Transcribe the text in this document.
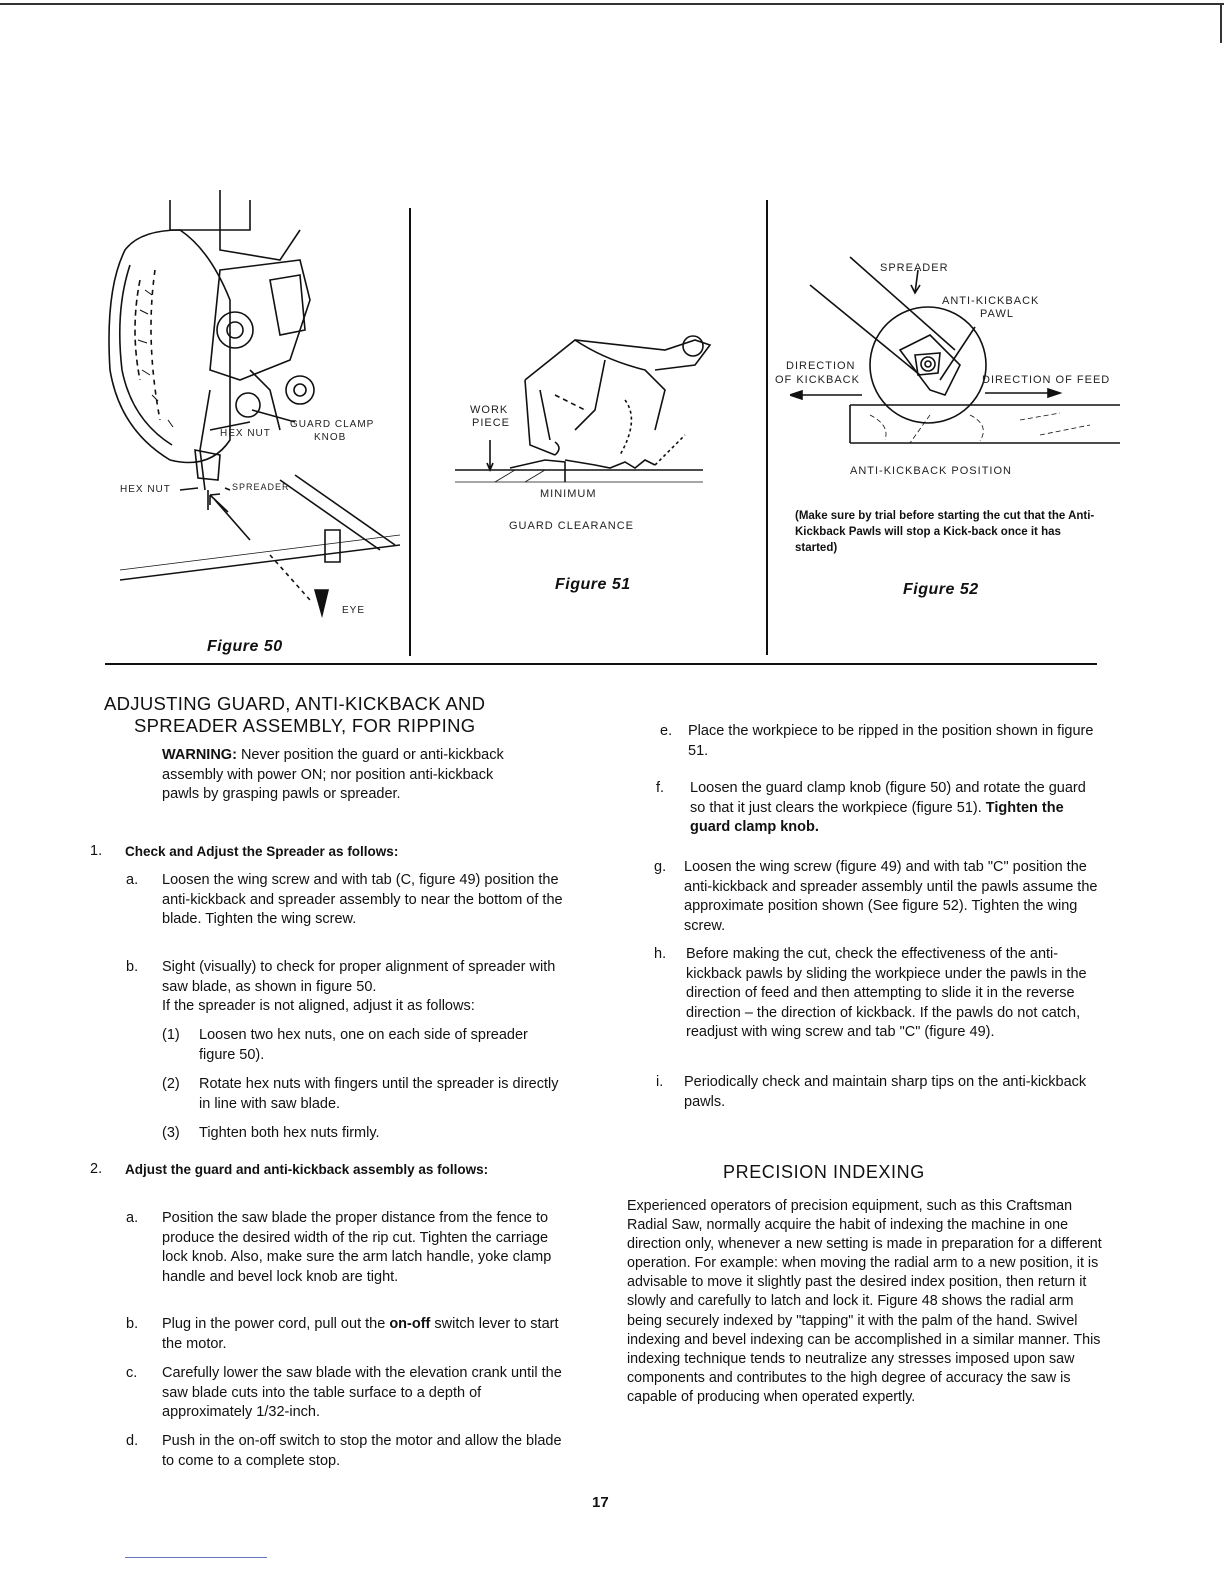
GUARD CLAMP
KNOB
HEX NUT
HEX NUT	SPREADER
EYE
Figure 50
WORK
PIECE
MINIMUM
GUARD CLEARANCE
Figure 51
SPREADER
ANTI-KICKBACK
PAWL
DIRECTION
OF KICKBACK	DIRECTION OF FEED
ANTI-KICKBACK POSITION
(Make sure by trial before starting the cut that the Anti-Kickback Pawls will stop a Kick-back once it has started)
Figure 52
ADJUSTING GUARD, ANTI-KICKBACK AND
SPREADER ASSEMBLY, FOR RIPPING
WARNING: Never position the guard or anti-kickback assembly with power ON; nor position anti-kickback pawls by grasping pawls or spreader.
1. Check and Adjust the Spreader as follows:
a. Loosen the wing screw and with tab (C, figure 49) position the anti-kickback and spreader assembly to near the bottom of the blade. Tighten the wing screw.
b. Sight (visually) to check for proper alignment of spreader with saw blade, as shown in figure 50.
If the spreader is not aligned, adjust it as follows:
(1) Loosen two hex nuts, one on each side of spreader figure 50).
(2) Rotate hex nuts with fingers until the spreader is directly in line with saw blade.
(3) Tighten both hex nuts firmly.
2. Adjust the guard and anti-kickback assembly as follows:
a. Position the saw blade the proper distance from the fence to produce the desired width of the rip cut. Tighten the carriage lock knob. Also, make sure the arm latch handle, yoke clamp handle and bevel lock knob are tight.
b. Plug in the power cord, pull out the on-off switch lever to start the motor.
c. Carefully lower the saw blade with the elevation crank until the saw blade cuts into the table surface to a depth of approximately 1/32-inch.
d. Push in the on-off switch to stop the motor and allow the blade to come to a complete stop.
e. Place the workpiece to be ripped in the position shown in figure 51.
f. Loosen the guard clamp knob (figure 50) and rotate the guard so that it just clears the workpiece (figure 51). Tighten the guard clamp knob.
g. Loosen the wing screw (figure 49) and with tab "C" position the anti-kickback and spreader assembly until the pawls assume the approximate position shown (See figure 52). Tighten the wing screw.
h. Before making the cut, check the effectiveness of the anti-kickback pawls by sliding the workpiece under the pawls in the direction of feed and then attempting to slide it in the reverse direction – the direction of kickback. If the pawls do not catch, readjust with wing screw and tab "C" (figure 49).
i. Periodically check and maintain sharp tips on the anti-kickback pawls.
PRECISION INDEXING
Experienced operators of precision equipment, such as this Craftsman Radial Saw, normally acquire the habit of indexing the machine in one direction only, whenever a new setting is made in preparation for a different operation. For example: when moving the radial arm to a new position, it is advisable to move it slightly past the desired index position, then return it slowly and carefully to latch and lock it. Figure 48 shows the radial arm being securely indexed by "tapping" it with the palm of the hand. Swivel indexing and bevel indexing can be accomplished in a similar manner. This indexing technique tends to neutralize any stresses imposed upon saw components and contributes to the high degree of accuracy the saw is capable of producing when operated expertly.
17
